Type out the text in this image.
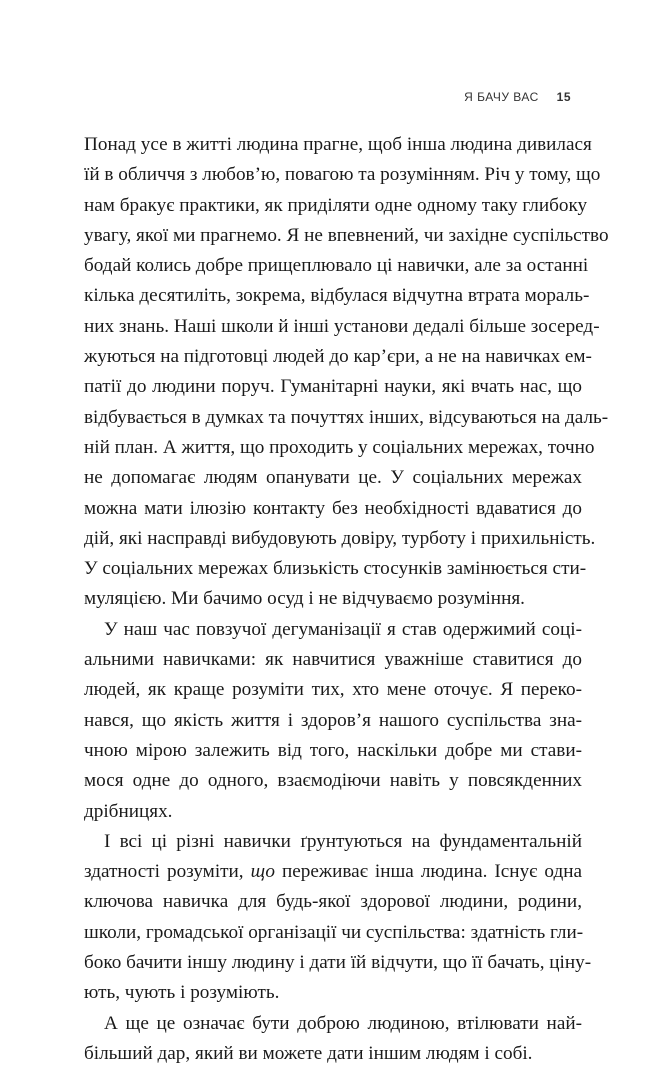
Я БАЧУ ВАС 15

Понад усе в житті людина прагне, щоб інша людина дивилася
їй в обличчя з любов’ю, повагою та розумінням. Річ у тому, що
нам бракує практики, як приділяти одне одному таку глибоку
увагу, якої ми прагнемо. Я не впевнений, чи західне суспільство
бодай колись добре прищеплювало ці навички, але за останні
кілька десятиліть, зокрема, відбулася відчутна втрата мораль-
них знань. Наші школи й інші установи дедалі більше зосеред-
жуються на підготовці людей до кар’єри, а не на навичках ем-
патії до людини поруч. Гуманітарні науки, які вчать нас, що
відбувається в думках та почуттях інших, відсуваються на даль-
ній план. А життя, що проходить у соціальних мережах, точно
не допомагає людям опанувати це. У соціальних мережах
можна мати ілюзію контакту без необхідності вдаватися до
дій, які насправді вибудовують довіру, турботу і прихильність.
У соціальних мережах близькість стосунків замінюється сти-
муляцією. Ми бачимо осуд і не відчуваємо розуміння.

У наш час повзучої дегуманізації я став одержимий соці-
альними навичками: як навчитися уважніше ставитися до
людей, як краще розуміти тих, хто мене оточує. Я переко-
нався, що якість життя і здоров’я нашого суспільства зна-
чною мірою залежить від того, наскільки добре ми стави-
мося одне до одного, взаємодіючи навіть у повсякденних
дрібницях.

І всі ці різні навички ґрунтуються на фундаментальній
здатності розуміти, що переживає інша людина. Існує одна
ключова навичка для будь-якої здорової людини, родини,
школи, громадської організації чи суспільства: здатність гли-
боко бачити іншу людину і дати їй відчути, що її бачать, ціну-
ють, чують і розуміють.

А ще це означає бути доброю людиною, втілювати най-
більший дар, який ви можете дати іншим людям і собі.
